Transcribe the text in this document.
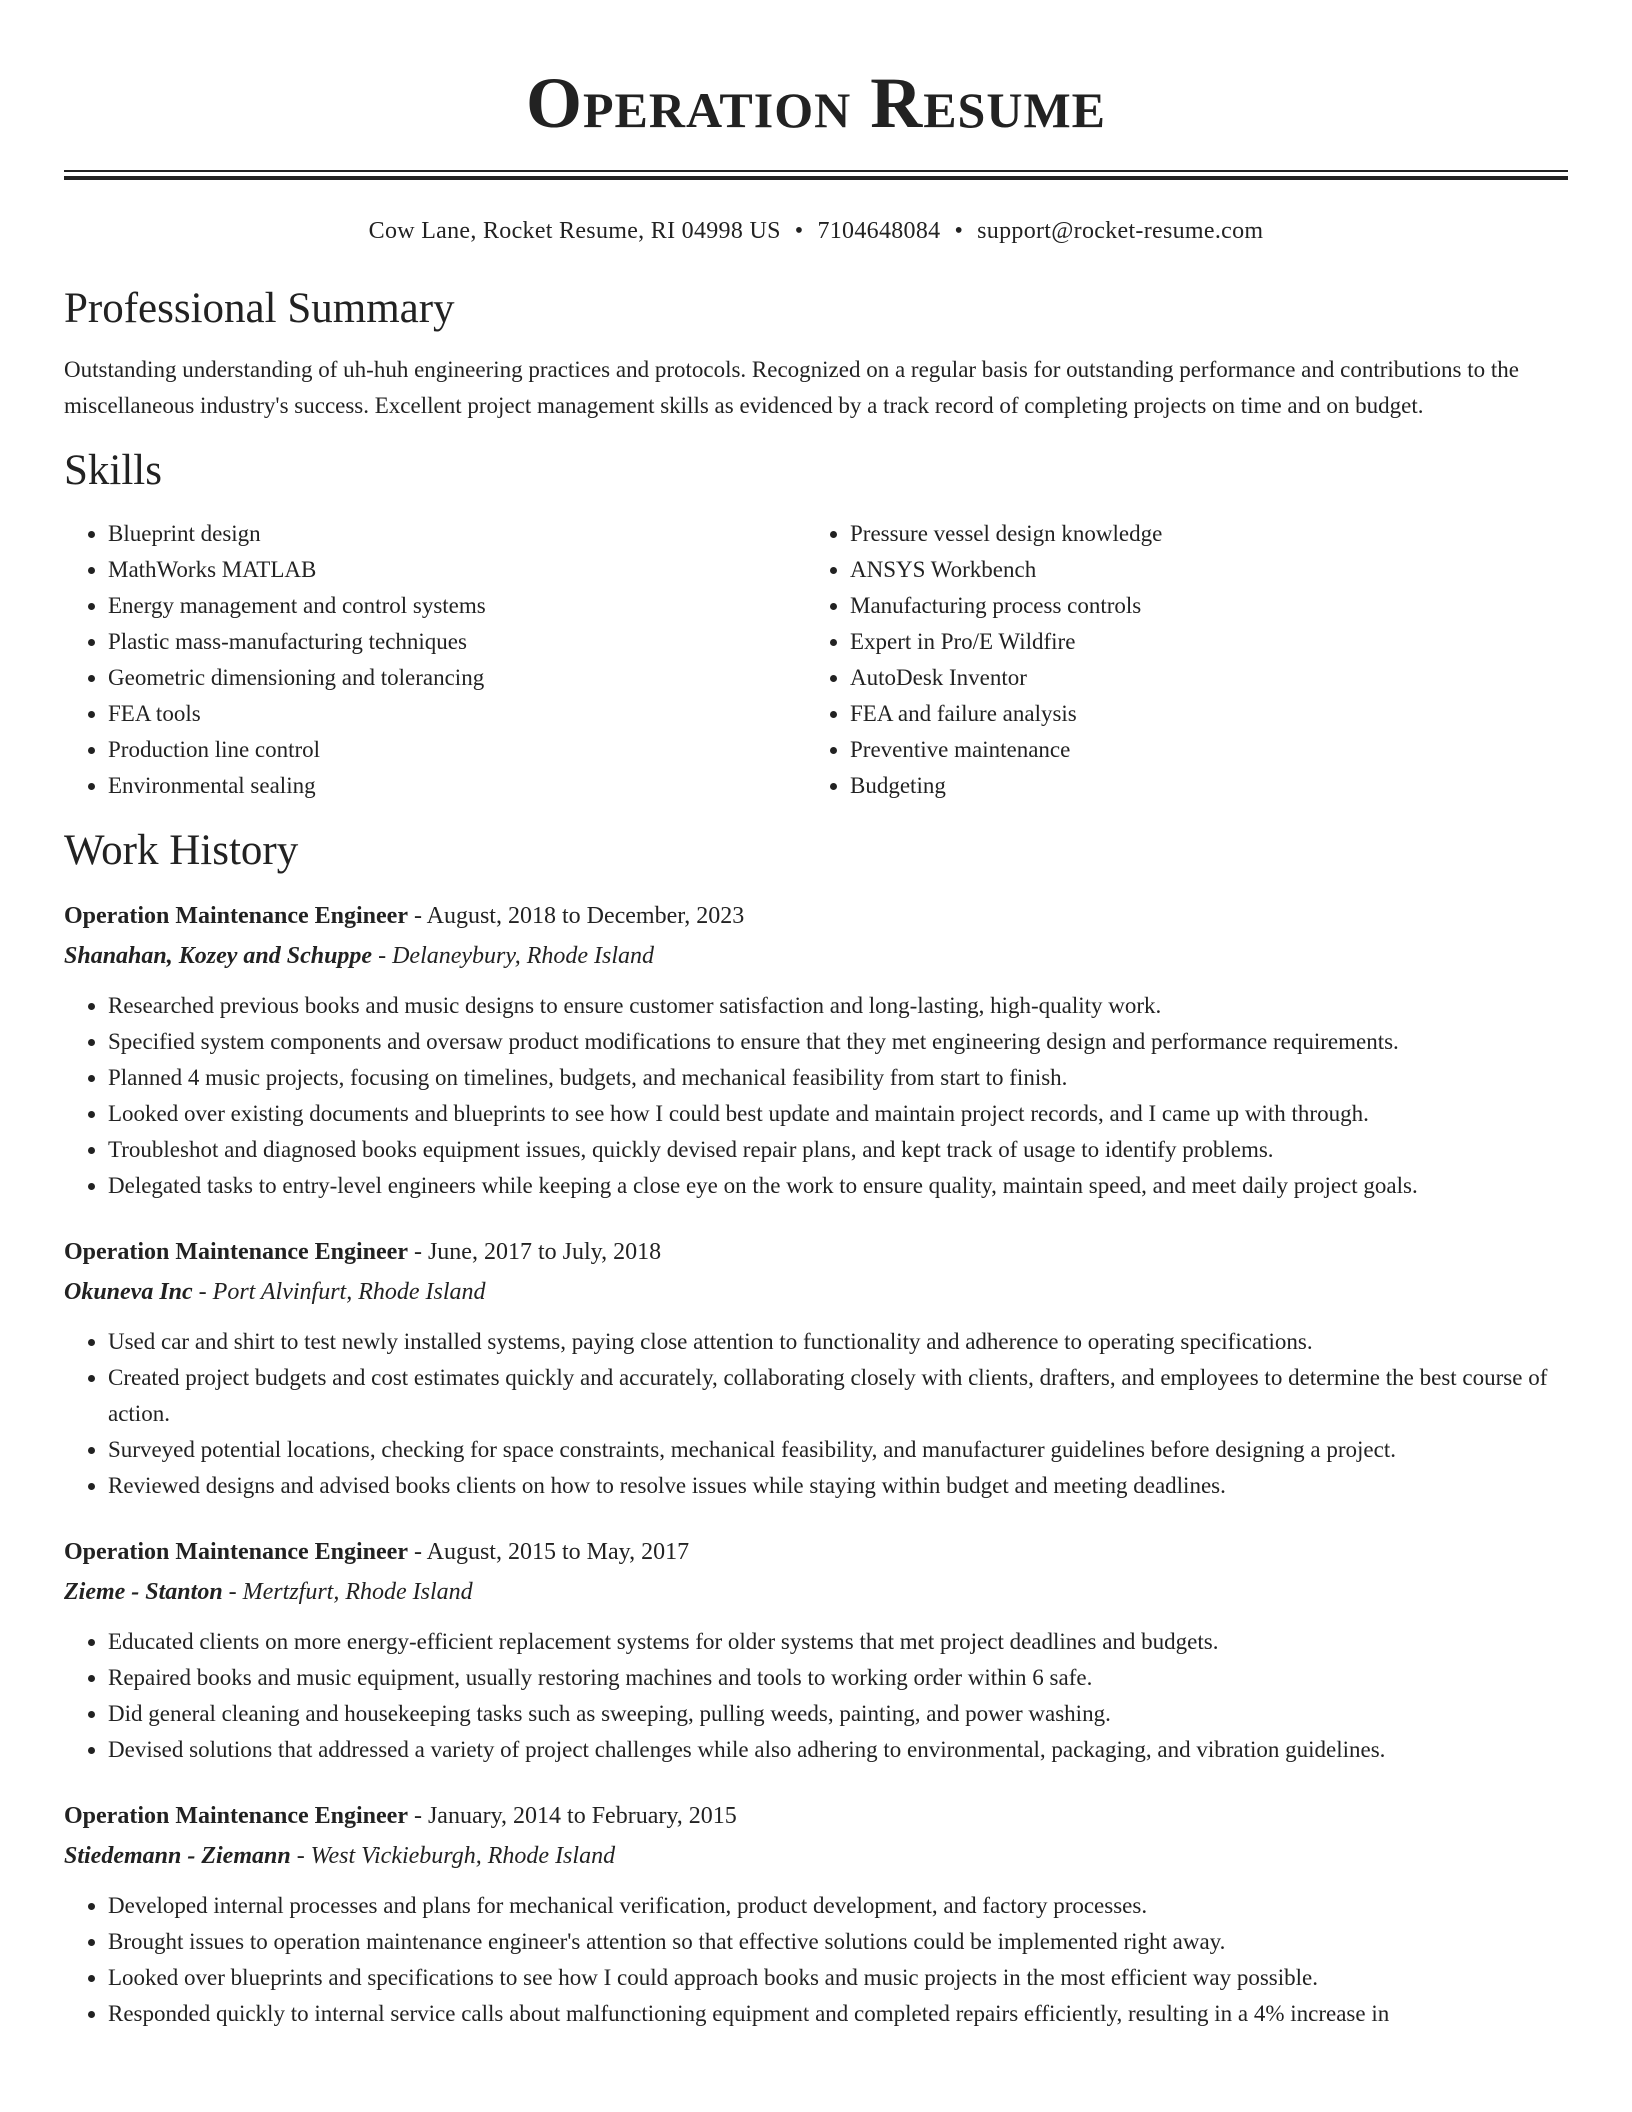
Operation Resume
Cow Lane, Rocket Resume, RI 04998 US • 7104648084 • support@rocket-resume.com
Professional Summary

Outstanding understanding of uh-huh engineering practices and protocols. Recognized on a regular basis for outstanding performance and contributions to the miscellaneous industry's success. Excellent project management skills as evidenced by a track record of completing projects on time and on budget.

Skills
• Blueprint design
• MathWorks MATLAB
• Energy management and control systems
• Plastic mass-manufacturing techniques
• Geometric dimensioning and tolerancing
• FEA tools
• Production line control
• Environmental sealing
• Pressure vessel design knowledge
• ANSYS Workbench
• Manufacturing process controls
• Expert in Pro/E Wildfire
• AutoDesk Inventor
• FEA and failure analysis
• Preventive maintenance
• Budgeting
Work History

Operation Maintenance Engineer - August, 2018 to December, 2023

Shanahan, Kozey and Schuppe - Delaneybury, Rhode Island

• Researched previous books and music designs to ensure customer satisfaction and long-lasting, high-quality work.
• Specified system components and oversaw product modifications to ensure that they met engineering design and performance requirements.
• Planned 4 music projects, focusing on timelines, budgets, and mechanical feasibility from start to finish.
• Looked over existing documents and blueprints to see how I could best update and maintain project records, and I came up with through.
• Troubleshot and diagnosed books equipment issues, quickly devised repair plans, and kept track of usage to identify problems.
• Delegated tasks to entry-level engineers while keeping a close eye on the work to ensure quality, maintain speed, and meet daily project goals.

Operation Maintenance Engineer - June, 2017 to July, 2018

Okuneva Inc - Port Alvinfurt, Rhode Island

• Used car and shirt to test newly installed systems, paying close attention to functionality and adherence to operating specifications.
• Created project budgets and cost estimates quickly and accurately, collaborating closely with clients, drafters, and employees to determine the best course of action.
• Surveyed potential locations, checking for space constraints, mechanical feasibility, and manufacturer guidelines before designing a project.
• Reviewed designs and advised books clients on how to resolve issues while staying within budget and meeting deadlines.

Operation Maintenance Engineer - August, 2015 to May, 2017

Zieme - Stanton - Mertzfurt, Rhode Island

• Educated clients on more energy-efficient replacement systems for older systems that met project deadlines and budgets.
• Repaired books and music equipment, usually restoring machines and tools to working order within 6 safe.
• Did general cleaning and housekeeping tasks such as sweeping, pulling weeds, painting, and power washing.
• Devised solutions that addressed a variety of project challenges while also adhering to environmental, packaging, and vibration guidelines.

Operation Maintenance Engineer - January, 2014 to February, 2015

Stiedemann - Ziemann - West Vickieburgh, Rhode Island

• Developed internal processes and plans for mechanical verification, product development, and factory processes.
• Brought issues to operation maintenance engineer's attention so that effective solutions could be implemented right away.
• Looked over blueprints and specifications to see how I could approach books and music projects in the most efficient way possible.
• Responded quickly to internal service calls about malfunctioning equipment and completed repairs efficiently, resulting in a 4% increase in
